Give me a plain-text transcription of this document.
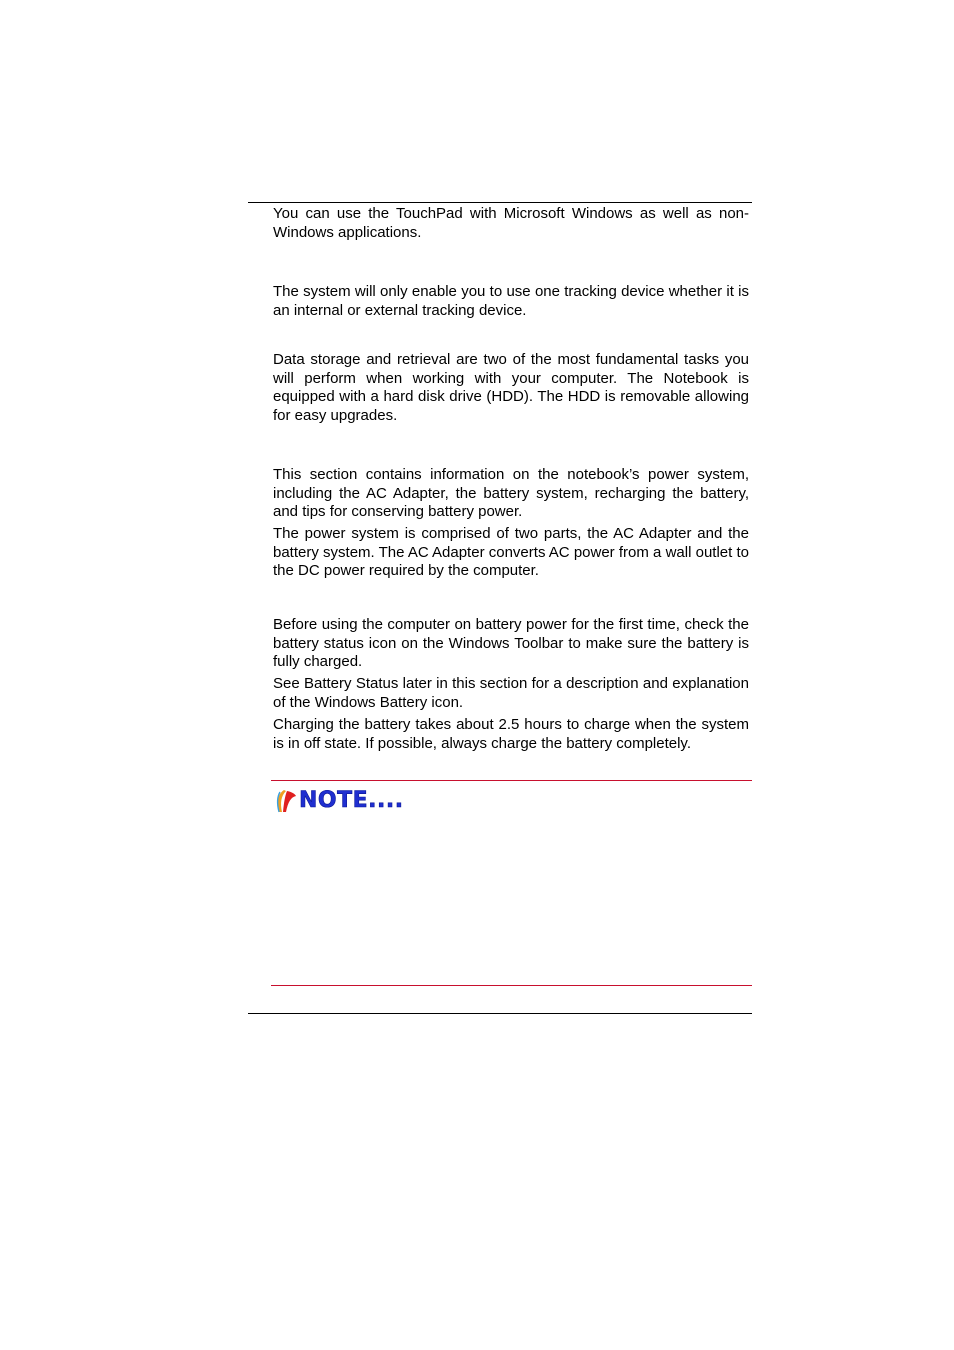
You can use the TouchPad with Microsoft Windows as well as non-Windows applications.

The system will only enable you to use one tracking device whether it is an internal or external tracking device.

Data storage and retrieval are two of the most fundamental tasks you will perform when working with your computer. The Notebook is equipped with a hard disk drive (HDD). The HDD is removable allowing for easy upgrades.

This section contains information on the notebook’s power system, including the AC Adapter, the battery system, recharging the battery, and tips for conserving battery power.

The power system is comprised of two parts, the AC Adapter and the battery system. The AC Adapter converts AC power from a wall outlet to the DC power required by the computer.

Before using the computer on battery power for the first time, check the battery status icon on the Windows Toolbar to make sure the battery is fully charged.

See Battery Status later in this section for a description and explanation of the Windows Battery icon.

Charging the battery takes about 2.5 hours to charge when the system is in off state. If possible, always charge the battery completely.

NOTE....
